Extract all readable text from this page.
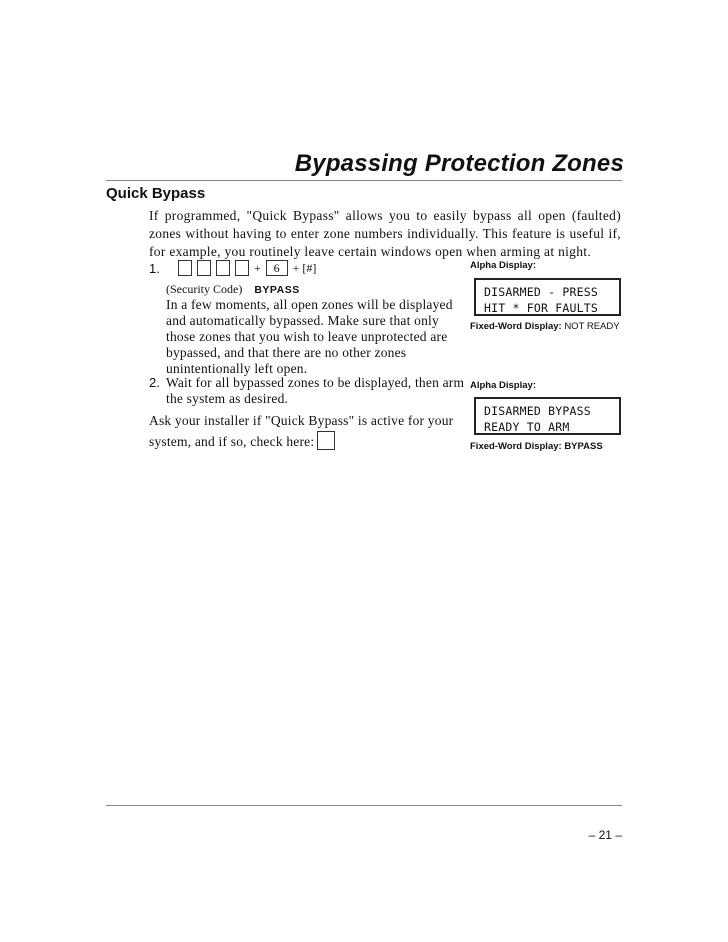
Bypassing Protection Zones
Quick Bypass
If programmed, "Quick Bypass" allows you to easily bypass all open (faulted) zones without having to enter zone numbers individually. This feature is useful if, for example, you routinely leave certain windows open when arming at night.
1.	+	6	+ [#]
(Security Code) BYPASS
In a few moments, all open zones will be displayed
and automatically bypassed. Make sure that only
those zones that you wish to leave unprotected are
bypassed, and that there are no other zones
unintentionally left open.
2. Wait for all bypassed zones to be displayed, then arm
the system as desired.
Ask your installer if "Quick Bypass" is active for your
system, and if so, check here:
Alpha Display:
DISARMED - PRESS
HIT * FOR FAULTS
Fixed-Word Display: NOT READY
Alpha Display:
DISARMED BYPASS
READY TO ARM
Fixed-Word Display: BYPASS
– 21 –
